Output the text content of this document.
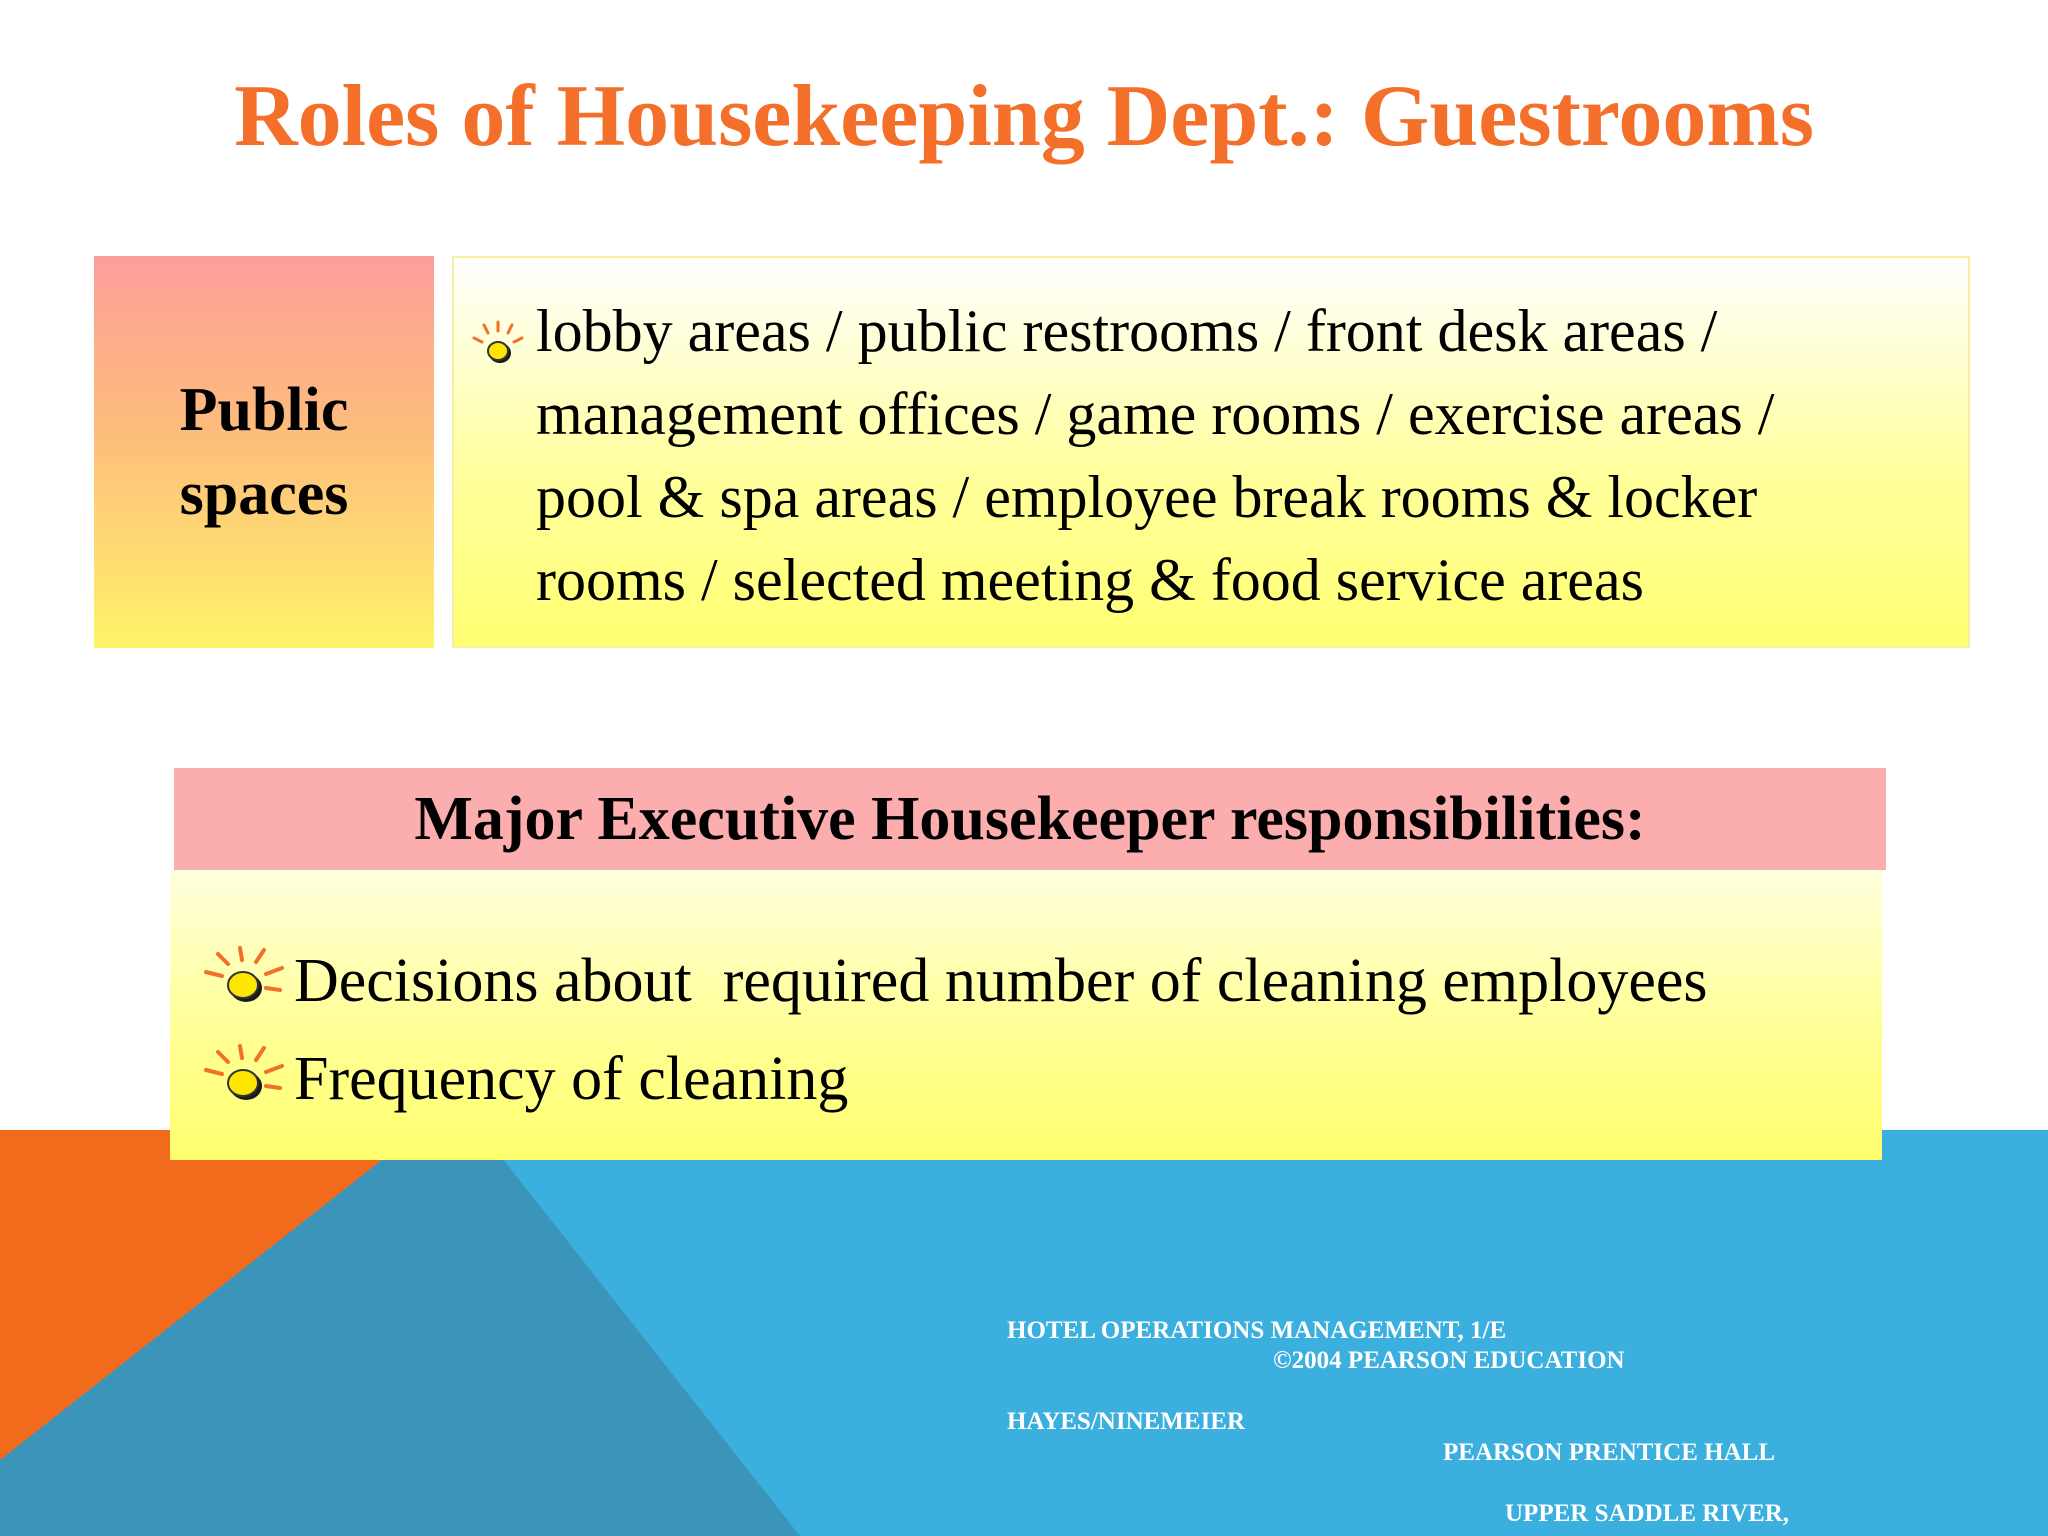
Roles of Housekeeping Dept.: Guestrooms
Public
spaces
lobby areas / public restrooms / front desk areas /
management offices / game rooms / exercise areas /
pool & spa areas / employee break rooms & locker
rooms / selected meeting & food service areas
Major Executive Housekeeper responsibilities:
Decisions about  required number of cleaning employees
Frequency of cleaning
HOTEL OPERATIONS MANAGEMENT, 1/E
©2004 PEARSON EDUCATION
HAYES/NINEMEIER
PEARSON PRENTICE HALL
UPPER SADDLE RIVER,
